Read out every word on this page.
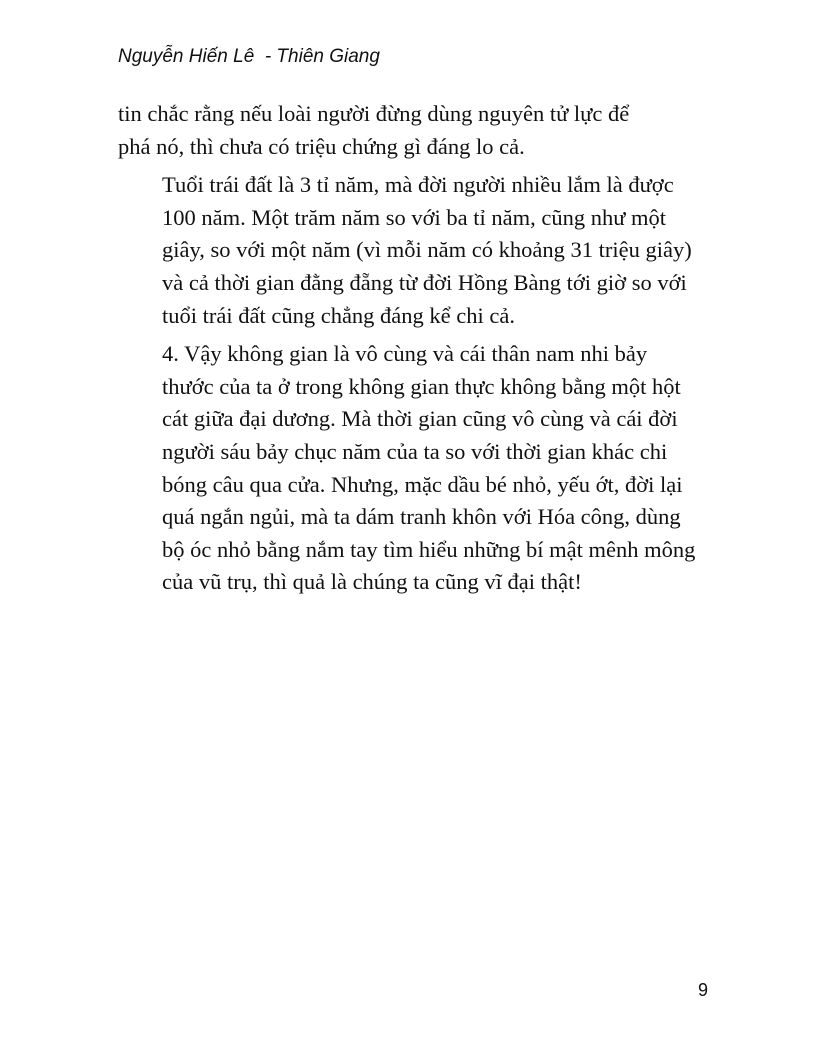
Nguyễn Hiến Lê  - Thiên Giang

tin chắc rằng nếu loài người đừng dùng nguyên tử lực để
phá nó, thì chưa có triệu chứng gì đáng lo cả.

Tuổi trái đất là 3 tỉ năm, mà đời người nhiều lắm là được
100 năm. Một trăm năm so với ba tỉ năm, cũng như một
giây, so với một năm (vì mỗi năm có khoảng 31 triệu giây)
và cả thời gian đằng đẵng từ đời Hồng Bàng tới giờ so với
tuổi trái đất cũng chẳng đáng kể chi cả.

4. Vậy không gian là vô cùng và cái thân nam nhi bảy
thước của ta ở trong không gian thực không bằng một hột
cát giữa đại dương. Mà thời gian cũng vô cùng và cái đời
người sáu bảy chục năm của ta so với thời gian khác chi
bóng câu qua cửa. Nhưng, mặc dầu bé nhỏ, yếu ớt, đời lại
quá ngắn ngủi, mà ta dám tranh khôn với Hóa công, dùng
bộ óc nhỏ bằng nắm tay tìm hiểu những bí mật mênh mông
của vũ trụ, thì quả là chúng ta cũng vĩ đại thật!

9
